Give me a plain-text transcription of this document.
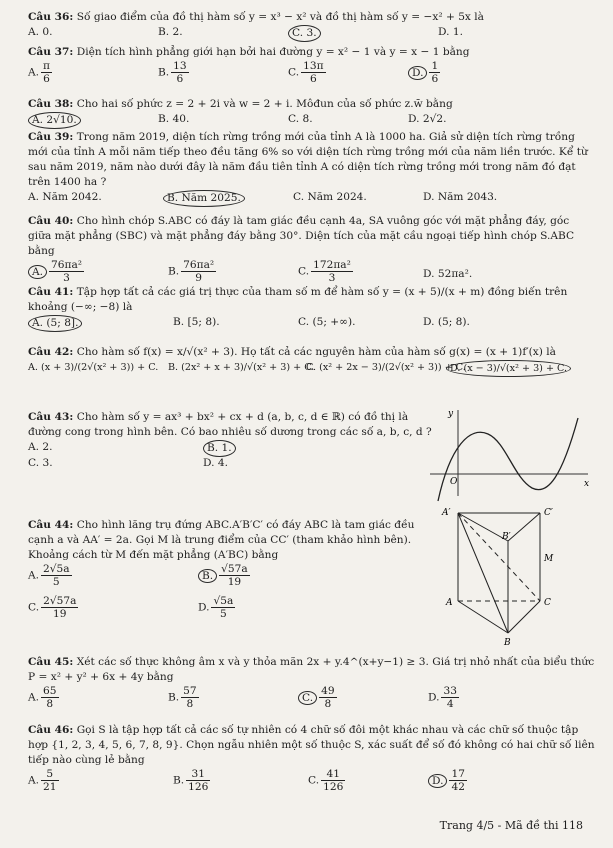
Câu 36: Số giao điểm của đồ thị hàm số y = x³ − x² và đồ thị hàm số y = −x² + 5x là
A. 0.	B. 2.	C. 3.	D. 1.
Câu 37: Diện tích hình phẳng giới hạn bởi hai đường y = x² − 1 và y = x − 1 bằng
A. $\frac{\pi}{6}$	B. $\frac{13}{6}$	C. $\frac{13\pi}{6}$	D. $\frac{1}{6}$
Câu 38: Cho hai số phức z = 2 + 2i và w = 2 + i. Môđun của số phức z.w̄ bằng
A. 2√10.	B. 40.	C. 8.	D. 2√2.
Câu 39: Trong năm 2019, diện tích rừng trồng mới của tỉnh A là 1000 ha. Giả sử diện tích rừng trồng mới của tỉnh A mỗi năm tiếp theo đều tăng 6% so với diện tích rừng trồng mới của năm liền trước. Kể từ sau năm 2019, năm nào dưới đây là năm đầu tiên tỉnh A có diện tích rừng trồng mới trong năm đó đạt trên 1400 ha ?
A. Năm 2042.	B. Năm 2025.	C. Năm 2024.	D. Năm 2043.
Câu 40: Cho hình chóp S.ABC có đáy là tam giác đều cạnh 4a, SA vuông góc với mặt phẳng đáy, góc giữa mặt phẳng (SBC) và mặt phẳng đáy bằng 30°. Diện tích của mặt cầu ngoại tiếp hình chóp S.ABC bằng
A. $\frac{\text{76πa²}}{3}$	B. $\frac{\text{76πa²}}{9}$	C. $\frac{\text{172πa²}}{3}$	D. 52πa².
Câu 41: Tập hợp tất cả các giá trị thực của tham số m để hàm số y = (x + 5)/(x + m) đồng biến trên khoảng (−∞; −8) là
A. (5; 8].	B. [5; 8).	C. (5; +∞).	D. (5; 8).
Câu 42: Cho hàm số f(x) = x/√(x² + 3). Họ tất cả các nguyên hàm của hàm số g(x) = (x + 1)f′(x) là
A. (x + 3)/(2√(x² + 3)) + C. B. (2x² + x + 3)/√(x² + 3) + C.
C. (x² + 2x − 3)/(2√(x² + 3)) + C.
D. (x − 3)/√(x² + 3) + C.
Câu 43: Cho hàm số y = ax³ + bx² + cx + d (a, b, c, d ∈ ℝ) có đồ thị là đường cong trong hình bên. Có bao nhiêu số dương trong các số a, b, c, d ?
A. 2.	B. 1.
C. 3.	D. 4.
y
x
O
Câu 44: Cho hình lăng trụ đứng ABC.A′B′C′ có đáy ABC là tam giác đều cạnh a và AA′ = 2a. Gọi M là trung điểm của CC′ (tham khảo hình bên). Khoảng cách từ M đến mặt phẳng (A′BC) bằng
A. $\frac{2√5a}{5}$	B. $\frac{√57a}{19}$
C. $\frac{2√57a}{19}$	D. $\frac{√5a}{5}$
A′	C′
B′
M
A	C
B
Câu 45: Xét các số thực không âm x và y thỏa mãn 2x + y.4^(x+y−1) ≥ 3. Giá trị nhỏ nhất của biểu thức P = x² + y² + 6x + 4y bằng
A. $\frac{65}{8}$	B. $\frac{57}{8}$	C. $\frac{49}{8}$	D. $\frac{33}{4}$
Câu 46: Gọi S là tập hợp tất cả các số tự nhiên có 4 chữ số đôi một khác nhau và các chữ số thuộc tập hợp {1, 2, 3, 4, 5, 6, 7, 8, 9}. Chọn ngẫu nhiên một số thuộc S, xác suất để số đó không có hai chữ số liên tiếp nào cùng lẻ bằng
A. $\frac{5}{21}$	B. $\frac{31}{126}$	C. $\frac{41}{126}$	D. $\frac{17}{42}$
Trang 4/5 - Mã đề thi 118
